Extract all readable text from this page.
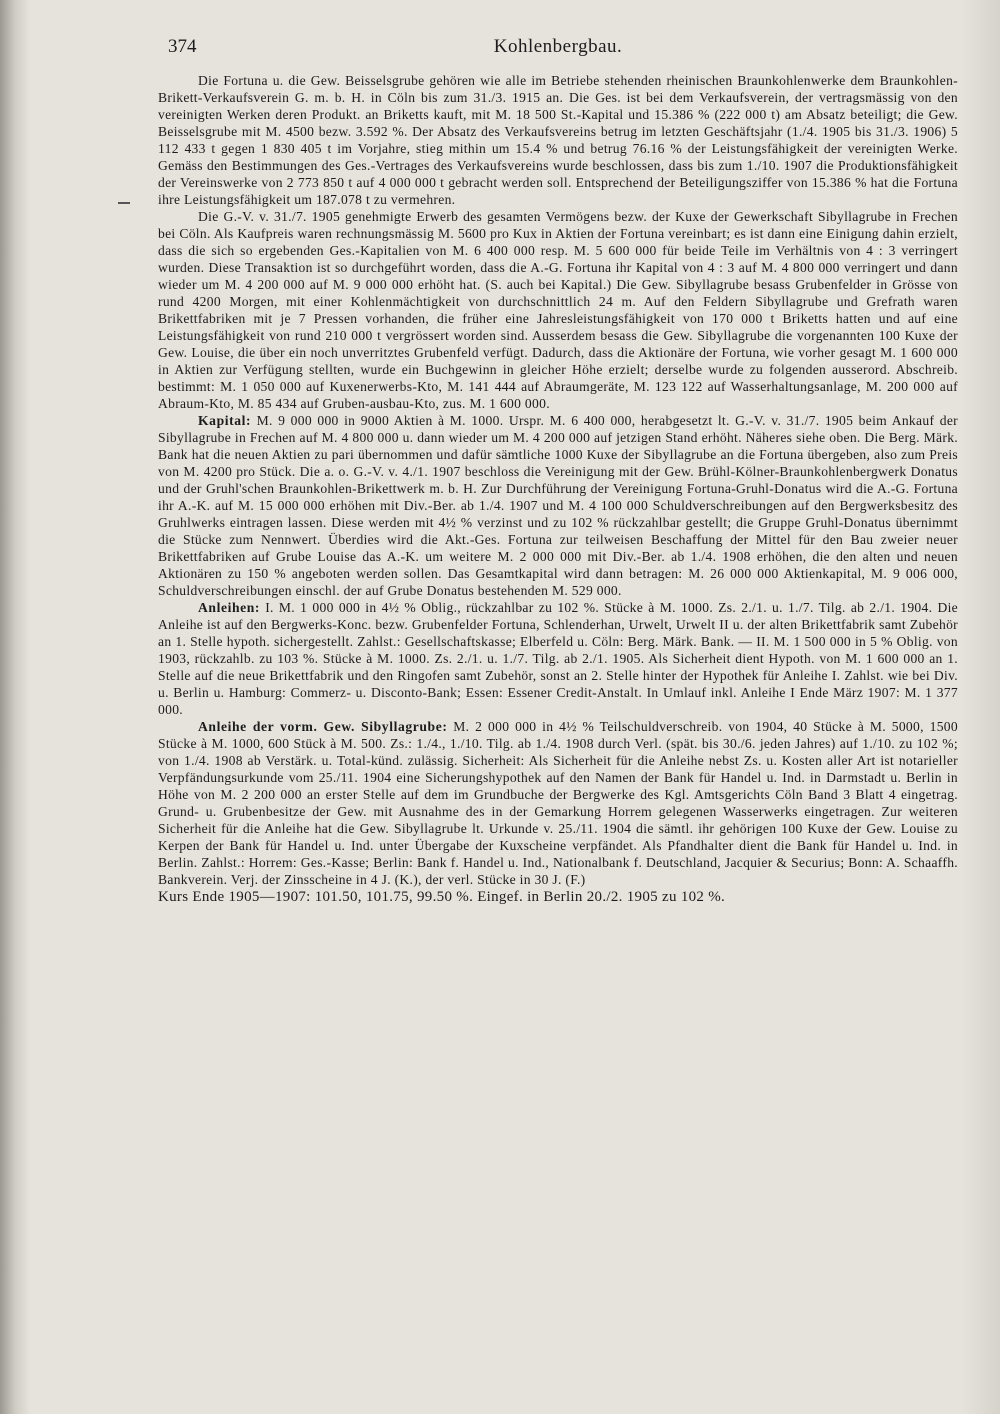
374	Kohlenbergbau.

Die Fortuna u. die Gew. Beisselsgrube gehören wie alle im Betriebe stehenden rheinischen Braunkohlenwerke dem Braunkohlen-Brikett-Verkaufsverein G. m. b. H. in Cöln bis zum 31./3. 1915 an. Die Ges. ist bei dem Verkaufsverein, der vertragsmässig von den vereinigten Werken deren Produkt. an Briketts kauft, mit M. 18 500 St.-Kapital und 15.386 % (222 000 t) am Absatz beteiligt; die Gew. Beisselsgrube mit M. 4500 bezw. 3.592 %. Der Absatz des Verkaufsvereins betrug im letzten Geschäftsjahr (1./4. 1905 bis 31./3. 1906) 5 112 433 t gegen 1 830 405 t im Vorjahre, stieg mithin um 15.4 % und betrug 76.16 % der Leistungsfähigkeit der vereinigten Werke. Gemäss den Bestimmungen des Ges.-Vertrages des Verkaufsvereins wurde beschlossen, dass bis zum 1./10. 1907 die Produktionsfähigkeit der Vereinswerke von 2 773 850 t auf 4 000 000 t gebracht werden soll. Entsprechend der Beteiligungsziffer von 15.386 % hat die Fortuna ihre Leistungsfähigkeit um 187.078 t zu vermehren.

Die G.-V. v. 31./7. 1905 genehmigte Erwerb des gesamten Vermögens bezw. der Kuxe der Gewerkschaft Sibyllagrube in Frechen bei Cöln. Als Kaufpreis waren rechnungsmässig M. 5600 pro Kux in Aktien der Fortuna vereinbart; es ist dann eine Einigung dahin erzielt, dass die sich so ergebenden Ges.-Kapitalien von M. 6 400 000 resp. M. 5 600 000 für beide Teile im Verhältnis von 4 : 3 verringert wurden. Diese Transaktion ist so durchgeführt worden, dass die A.-G. Fortuna ihr Kapital von 4 : 3 auf M. 4 800 000 verringert und dann wieder um M. 4 200 000 auf M. 9 000 000 erhöht hat. (S. auch bei Kapital.) Die Gew. Sibyllagrube besass Grubenfelder in Grösse von rund 4200 Morgen, mit einer Kohlenmächtigkeit von durchschnittlich 24 m. Auf den Feldern Sibyllagrube und Grefrath waren Brikettfabriken mit je 7 Pressen vorhanden, die früher eine Jahresleistungsfähigkeit von 170 000 t Briketts hatten und auf eine Leistungsfähigkeit von rund 210 000 t vergrössert worden sind. Ausserdem besass die Gew. Sibyllagrube die vorgenannten 100 Kuxe der Gew. Louise, die über ein noch unverritztes Grubenfeld verfügt. Dadurch, dass die Aktionäre der Fortuna, wie vorher gesagt M. 1 600 000 in Aktien zur Verfügung stellten, wurde ein Buchgewinn in gleicher Höhe erzielt; derselbe wurde zu folgenden ausserord. Abschreib. bestimmt: M. 1 050 000 auf Kuxenerwerbs-Kto, M. 141 444 auf Abraumgeräte, M. 123 122 auf Wasserhaltungsanlage, M. 200 000 auf Abraum-Kto, M. 85 434 auf Gruben-ausbau-Kto, zus. M. 1 600 000.

Kapital: M. 9 000 000 in 9000 Aktien à M. 1000. Urspr. M. 6 400 000, herabgesetzt lt. G.-V. v. 31./7. 1905 beim Ankauf der Sibyllagrube in Frechen auf M. 4 800 000 u. dann wieder um M. 4 200 000 auf jetzigen Stand erhöht. Näheres siehe oben. Die Berg. Märk. Bank hat die neuen Aktien zu pari übernommen und dafür sämtliche 1000 Kuxe der Sibyllagrube an die Fortuna übergeben, also zum Preis von M. 4200 pro Stück. Die a. o. G.-V. v. 4./1. 1907 beschloss die Vereinigung mit der Gew. Brühl-Kölner-Braunkohlenbergwerk Donatus und der Gruhl'schen Braunkohlen-Brikettwerk m. b. H. Zur Durchführung der Vereinigung Fortuna-Gruhl-Donatus wird die A.-G. Fortuna ihr A.-K. auf M. 15 000 000 erhöhen mit Div.-Ber. ab 1./4. 1907 und M. 4 100 000 Schuldverschreibungen auf den Bergwerksbesitz des Gruhlwerks eintragen lassen. Diese werden mit 4½ % verzinst und zu 102 % rückzahlbar gestellt; die Gruppe Gruhl-Donatus übernimmt die Stücke zum Nennwert. Überdies wird die Akt.-Ges. Fortuna zur teilweisen Beschaffung der Mittel für den Bau zweier neuer Brikettfabriken auf Grube Louise das A.-K. um weitere M. 2 000 000 mit Div.-Ber. ab 1./4. 1908 erhöhen, die den alten und neuen Aktionären zu 150 % angeboten werden sollen. Das Gesamtkapital wird dann betragen: M. 26 000 000 Aktienkapital, M. 9 006 000, Schuldverschreibungen einschl. der auf Grube Donatus bestehenden M. 529 000.

Anleihen: I. M. 1 000 000 in 4½ % Oblig., rückzahlbar zu 102 %. Stücke à M. 1000. Zs. 2./1. u. 1./7. Tilg. ab 2./1. 1904. Die Anleihe ist auf den Bergwerks-Konc. bezw. Grubenfelder Fortuna, Schlenderhan, Urwelt, Urwelt II u. der alten Brikettfabrik samt Zubehör an 1. Stelle hypoth. sichergestellt. Zahlst.: Gesellschaftskasse; Elberfeld u. Cöln: Berg. Märk. Bank. — II. M. 1 500 000 in 5 % Oblig. von 1903, rückzahlb. zu 103 %. Stücke à M. 1000. Zs. 2./1. u. 1./7. Tilg. ab 2./1. 1905. Als Sicherheit dient Hypoth. von M. 1 600 000 an 1. Stelle auf die neue Brikettfabrik und den Ringofen samt Zubehör, sonst an 2. Stelle hinter der Hypothek für Anleihe I. Zahlst. wie bei Div. u. Berlin u. Hamburg: Commerz- u. Disconto-Bank; Essen: Essener Credit-Anstalt. In Umlauf inkl. Anleihe I Ende März 1907: M. 1 377 000.

Anleihe der vorm. Gew. Sibyllagrube: M. 2 000 000 in 4½ % Teilschuldverschreib. von 1904, 40 Stücke à M. 5000, 1500 Stücke à M. 1000, 600 Stück à M. 500. Zs.: 1./4., 1./10. Tilg. ab 1./4. 1908 durch Verl. (spät. bis 30./6. jeden Jahres) auf 1./10. zu 102 %; von 1./4. 1908 ab Verstärk. u. Total-künd. zulässig. Sicherheit: Als Sicherheit für die Anleihe nebst Zs. u. Kosten aller Art ist notarieller Verpfändungsurkunde vom 25./11. 1904 eine Sicherungshypothek auf den Namen der Bank für Handel u. Ind. in Darmstadt u. Berlin in Höhe von M. 2 200 000 an erster Stelle auf dem im Grundbuche der Bergwerke des Kgl. Amtsgerichts Cöln Band 3 Blatt 4 eingetrag. Grund- u. Grubenbesitze der Gew. mit Ausnahme des in der Gemarkung Horrem gelegenen Wasserwerks eingetragen. Zur weiteren Sicherheit für die Anleihe hat die Gew. Sibyllagrube lt. Urkunde v. 25./11. 1904 die sämtl. ihr gehörigen 100 Kuxe der Gew. Louise zu Kerpen der Bank für Handel u. Ind. unter Übergabe der Kuxscheine verpfändet. Als Pfandhalter dient die Bank für Handel u. Ind. in Berlin. Zahlst.: Horrem: Ges.-Kasse; Berlin: Bank f. Handel u. Ind., Nationalbank f. Deutschland, Jacquier & Securius; Bonn: A. Schaaffh. Bankverein. Verj. der Zinsscheine in 4 J. (K.), der verl. Stücke in 30 J. (F.)

Kurs Ende 1905—1907: 101.50, 101.75, 99.50 %. Eingef. in Berlin 20./2. 1905 zu 102 %.
